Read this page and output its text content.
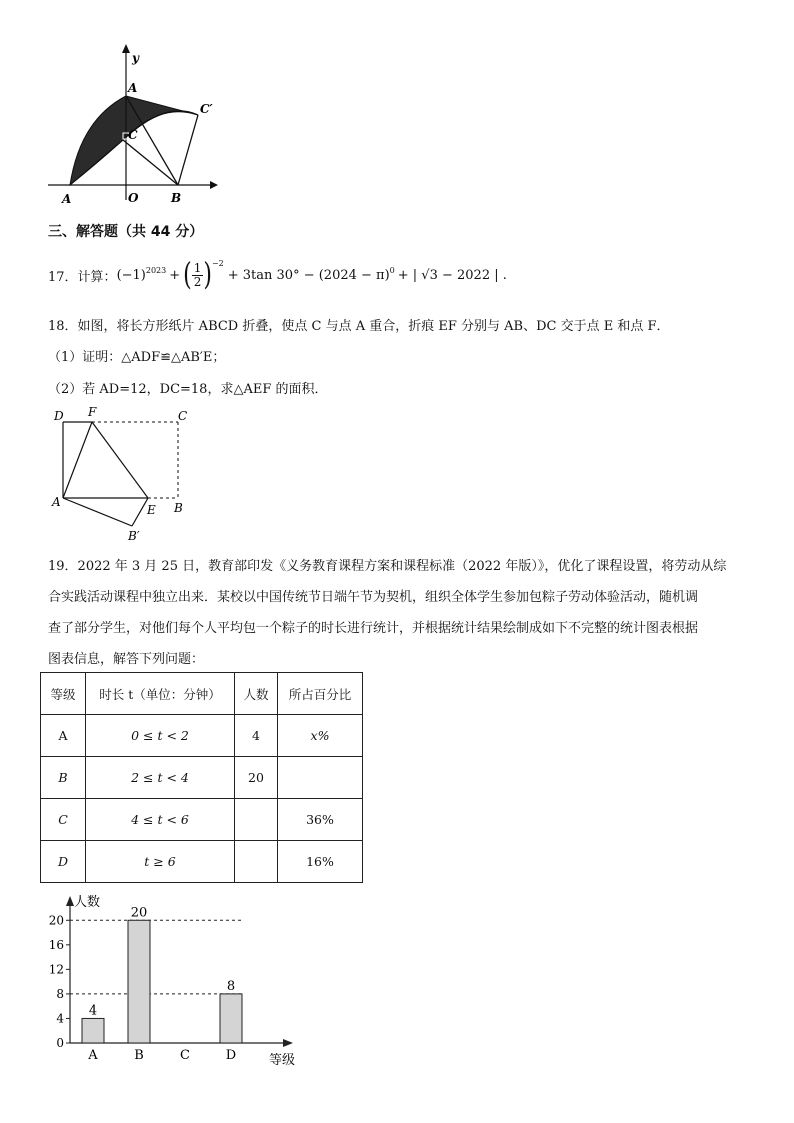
y
A
C′
C
A	O	B
三、解答题（共 44 分）
17． 计算： $(-1)^{2023}$ + ( $\frac{1}{2} )^{-2}$
+ 3tan $30^\circ - (2024 - \pi)^0$ + | √3 − 2022 | .
18．如图，将长方形纸片 ABCD 折叠，使点 C 与点 A 重合，折痕 EF 分别与 AB、DC 交于点 E 和点 F．
（1）证明：△ADF≌△AB′E；
（2）若 AD=12，DC=18，求△AEF 的面积．
D F	C
A
E B
B′
19．2022 年 3 月 25 日，教育部印发《义务教育课程方案和课程标准（2022 年版）》，优化了课程设置，将劳动从综
合实践活动课程中独立出来．某校以中国传统节日端午节为契机，组织全体学生参加包粽子劳动体验活动，随机调
查了部分学生，对他们每个人平均包一个粽子的时长进行统计，并根据统计结果绘制成如下不完整的统计图表根据
图表信息，解答下列问题：
等级	时长 t（单位：分钟）	人数	所占百分比
A	0 ≤ t < 2	4	x%
B	2 ≤ t < 4	20	
C	4 ≤ t < 6		36%
D	t ≥ 6		16%
人数
等级
0
4
8
12
16
20
4
A
20
B	C
8
D
